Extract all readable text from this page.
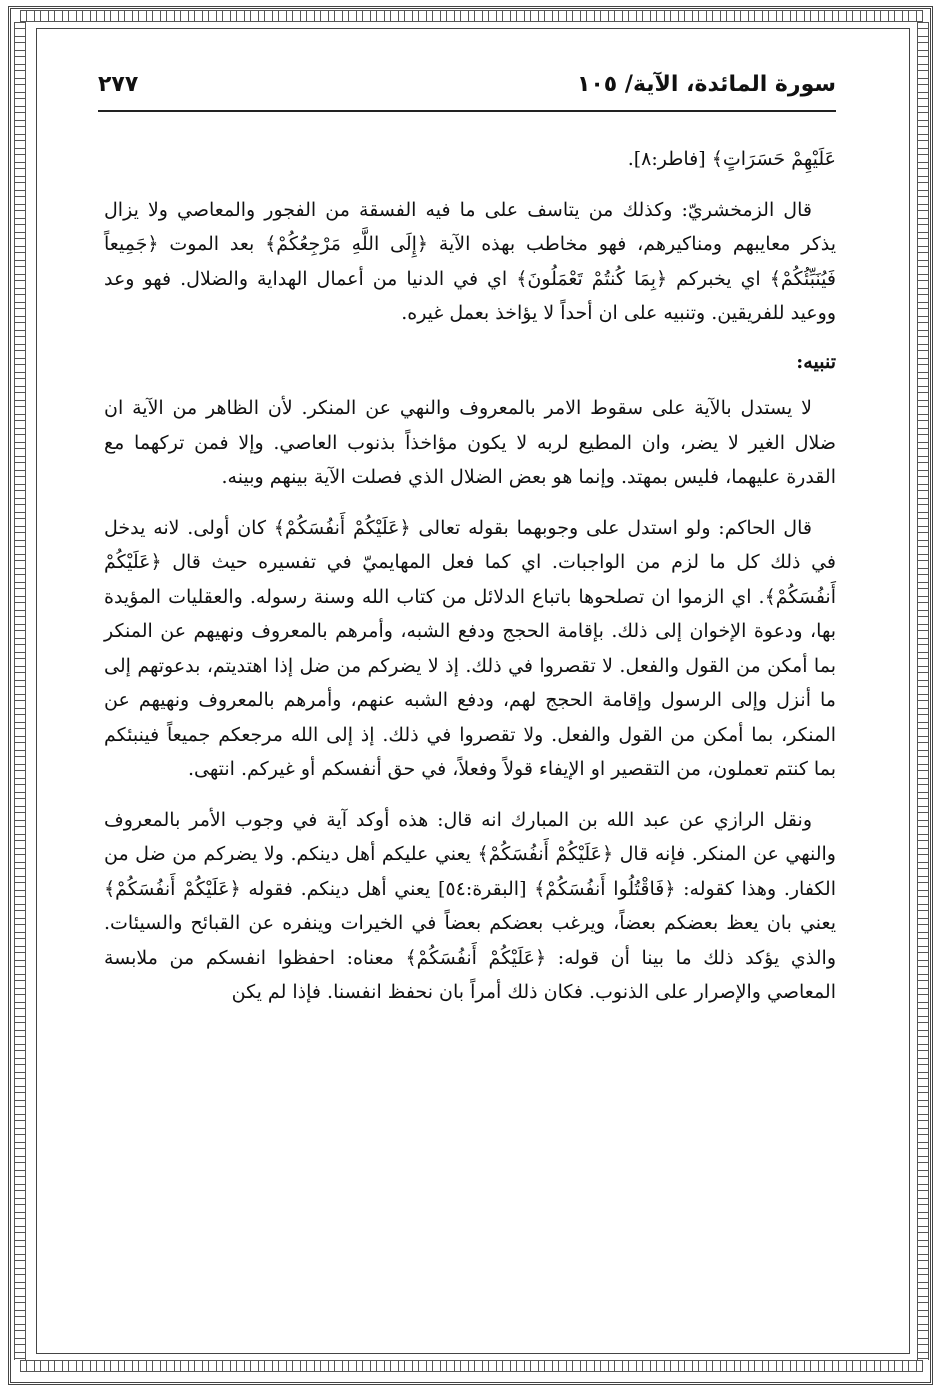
سورة المائدة، الآية/ ١٠٥
٢٧٧

عَلَيْهِمْ حَسَرَاتٍ﴾ [فاطر:٨].

قال الزمخشريّ: وكذلك من يتاسف على ما فيه الفسقة من الفجور والمعاصي ولا يزال يذكر معايبهم ومناكيرهم، فهو مخاطب بهذه الآية ﴿إِلَى اللَّهِ مَرْجِعُكُمْ﴾ بعد الموت ﴿جَمِيعاً فَيُنَبِّئُكُمْ﴾ اي يخبركم ﴿بِمَا كُنتُمْ تَعْمَلُونَ﴾ اي في الدنيا من أعمال الهداية والضلال. فهو وعد ووعيد للفريقين. وتنبيه على ان أحداً لا يؤاخذ بعمل غيره.

تنبيه:

لا يستدل بالآية على سقوط الامر بالمعروف والنهي عن المنكر. لأن الظاهر من الآية ان ضلال الغير لا يضر، وان المطيع لربه لا يكون مؤاخذاً بذنوب العاصي. وإلا فمن تركهما مع القدرة عليهما، فليس بمهتد. وإنما هو بعض الضلال الذي فصلت الآية بينهم وبينه.

قال الحاكم: ولو استدل على وجوبهما بقوله تعالى ﴿عَلَيْكُمْ أَنفُسَكُمْ﴾ كان أولى. لانه يدخل في ذلك كل ما لزم من الواجبات. اي كما فعل المهايميّ في تفسيره حيث قال ﴿عَلَيْكُمْ أَنفُسَكُمْ﴾. اي الزموا ان تصلحوها باتباع الدلائل من كتاب الله وسنة رسوله. والعقليات المؤيدة بها، ودعوة الإخوان إلى ذلك. بإقامة الحجج ودفع الشبه، وأمرهم بالمعروف ونهيهم عن المنكر بما أمكن من القول والفعل. لا تقصروا في ذلك. إذ لا يضركم من ضل إذا اهتديتم، بدعوتهم إلى ما أنزل وإلى الرسول وإقامة الحجج لهم، ودفع الشبه عنهم، وأمرهم بالمعروف ونهيهم عن المنكر، بما أمكن من القول والفعل. ولا تقصروا في ذلك. إذ إلى الله مرجعكم جميعاً فينبئكم بما كنتم تعملون، من التقصير او الإيفاء قولاً وفعلاً، في حق أنفسكم أو غيركم. انتهى.

ونقل الرازي عن عبد الله بن المبارك انه قال: هذه أوكد آية في وجوب الأمر بالمعروف والنهي عن المنكر. فإنه قال ﴿عَلَيْكُمْ أَنفُسَكُمْ﴾ يعني عليكم أهل دينكم. ولا يضركم من ضل من الكفار. وهذا كقوله: ﴿فَاقْتُلُوا أَنفُسَكُمْ﴾ [البقرة:٥٤] يعني أهل دينكم. فقوله ﴿عَلَيْكُمْ أَنفُسَكُمْ﴾ يعني بان يعظ بعضكم بعضاً، ويرغب بعضكم بعضاً في الخيرات وينفره عن القبائح والسيئات. والذي يؤكد ذلك ما بينا أن قوله: ﴿عَلَيْكُمْ أَنفُسَكُمْ﴾ معناه: احفظوا انفسكم من ملابسة المعاصي والإصرار على الذنوب. فكان ذلك أمراً بان نحفظ انفسنا. فإذا لم يكن
